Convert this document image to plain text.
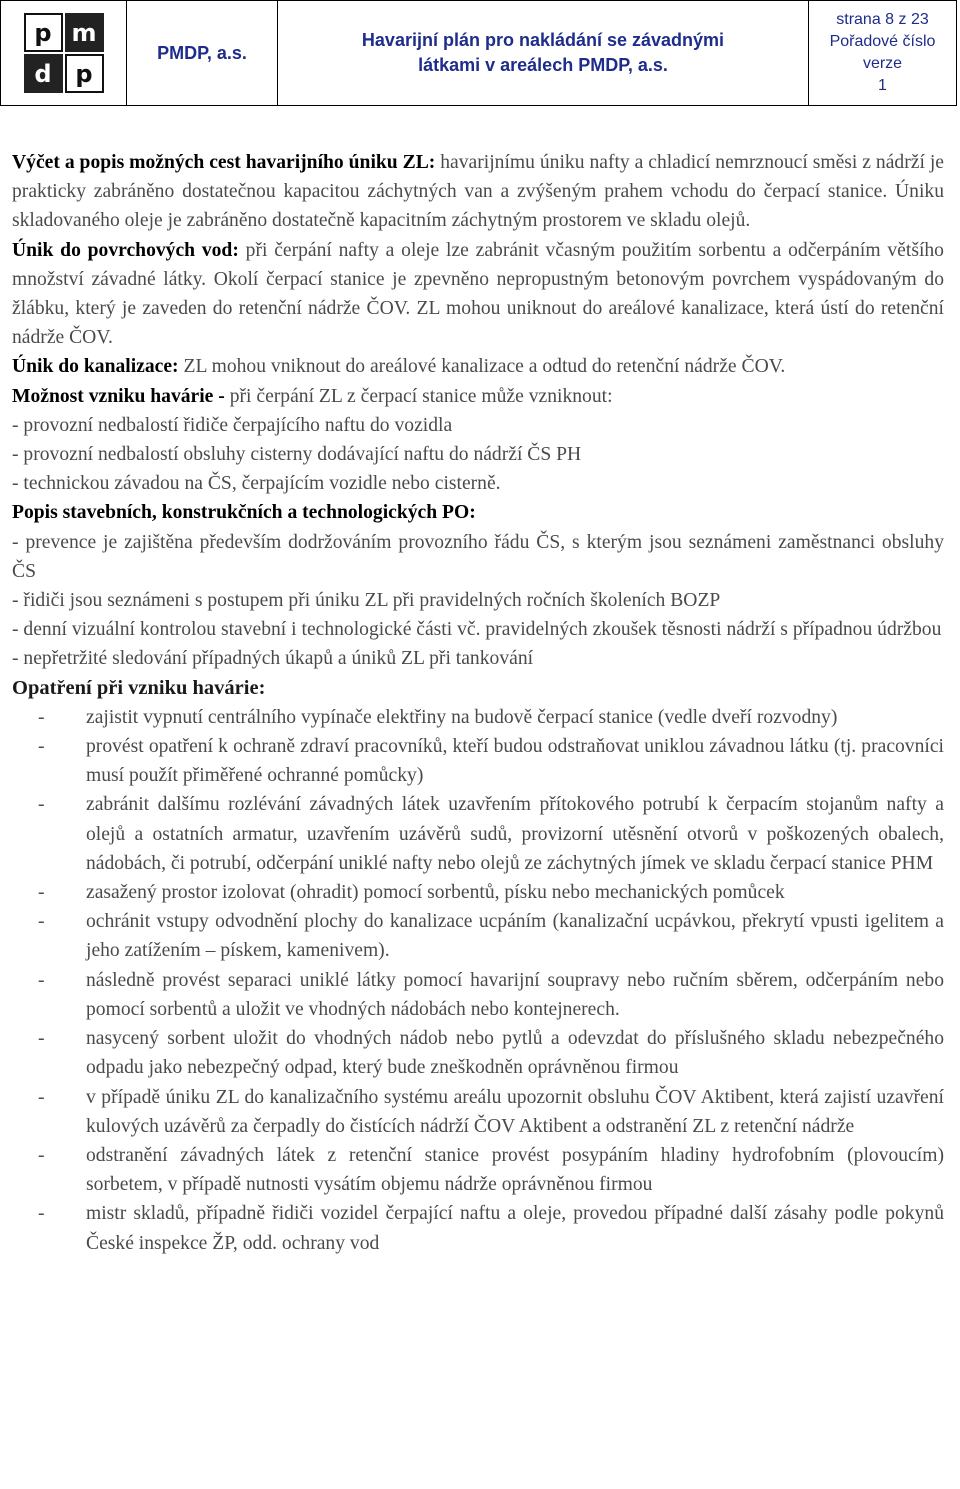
p m
d p
	PMDP, a.s.	
Havarijní plán pro nakládání se závadnými
látkami v areálech PMDP, a.s.

strana 8 z 23
Pořadové číslo
verze
1

Výčet a popis možných cest havarijního úniku ZL: havarijnímu úniku nafty a chladicí nemrznoucí směsi z nádrží je prakticky zabráněno dostatečnou kapacitou záchytných van a zvýšeným prahem vchodu do čerpací stanice. Úniku skladovaného oleje je zabráněno dostatečně kapacitním záchytným prostorem ve skladu olejů.

Únik do povrchových vod: při čerpání nafty a oleje lze zabránit včasným použitím sorbentu a odčerpáním většího množství závadné látky. Okolí čerpací stanice je zpevněno nepropustným betonovým povrchem vyspádovaným do žlábku, který je zaveden do retenční nádrže ČOV. ZL mohou uniknout do areálové kanalizace, která ústí do retenční nádrže ČOV.

Únik do kanalizace: ZL mohou vniknout do areálové kanalizace a odtud do retenční nádrže ČOV.

Možnost vzniku havárie - při čerpání ZL z čerpací stanice může vzniknout:

- provozní nedbalostí řidiče čerpajícího naftu do vozidla

- provozní nedbalostí obsluhy cisterny dodávající naftu do nádrží ČS PH

- technickou závadou na ČS, čerpajícím vozidle nebo cisterně.

Popis stavebních, konstrukčních a technologických PO:

- prevence je zajištěna především dodržováním provozního řádu ČS, s kterým jsou seznámeni zaměstnanci obsluhy ČS

- řidiči jsou seznámeni s postupem při úniku ZL při pravidelných ročních školeních BOZP

- denní vizuální kontrolou stavební i technologické části vč. pravidelných zkoušek těsnosti nádrží s případnou údržbou

- nepřetržité sledování případných úkapů a úniků ZL při tankování

Opatření při vzniku havárie:

- zajistit vypnutí centrálního vypínače elektřiny na budově čerpací stanice (vedle dveří rozvodny)
- provést opatření k ochraně zdraví pracovníků, kteří budou odstraňovat uniklou závadnou látku (tj. pracovníci musí použít přiměřené ochranné pomůcky)
- zabránit dalšímu rozlévání závadných látek uzavřením přítokového potrubí k čerpacím stojanům nafty a olejů a ostatních armatur, uzavřením uzávěrů sudů, provizorní utěsnění otvorů v poškozených obalech, nádobách, či potrubí, odčerpání uniklé nafty nebo olejů ze záchytných jímek ve skladu čerpací stanice PHM
- zasažený prostor izolovat (ohradit) pomocí sorbentů, písku nebo mechanických pomůcek
- ochránit vstupy odvodnění plochy do kanalizace ucpáním (kanalizační ucpávkou, překrytí vpusti igelitem a jeho zatížením – pískem, kamenivem).
- následně provést separaci uniklé látky pomocí havarijní soupravy nebo ručním sběrem, odčerpáním nebo pomocí sorbentů a uložit ve vhodných nádobách nebo kontejnerech.
- nasycený sorbent uložit do vhodných nádob nebo pytlů a odevzdat do příslušného skladu nebezpečného odpadu jako nebezpečný odpad, který bude zneškodněn oprávněnou firmou
- v případě úniku ZL do kanalizačního systému areálu upozornit obsluhu ČOV Aktibent, která zajistí uzavření kulových uzávěrů za čerpadly do čistících nádrží ČOV Aktibent a odstranění ZL z retenční nádrže
- odstranění závadných látek z retenční stanice provést posypáním hladiny hydrofobním (plovoucím) sorbetem, v případě nutnosti vysátím objemu nádrže oprávněnou firmou
- mistr skladů, případně řidiči vozidel čerpající naftu a oleje, provedou případné další zásahy podle pokynů České inspekce ŽP, odd. ochrany vod
